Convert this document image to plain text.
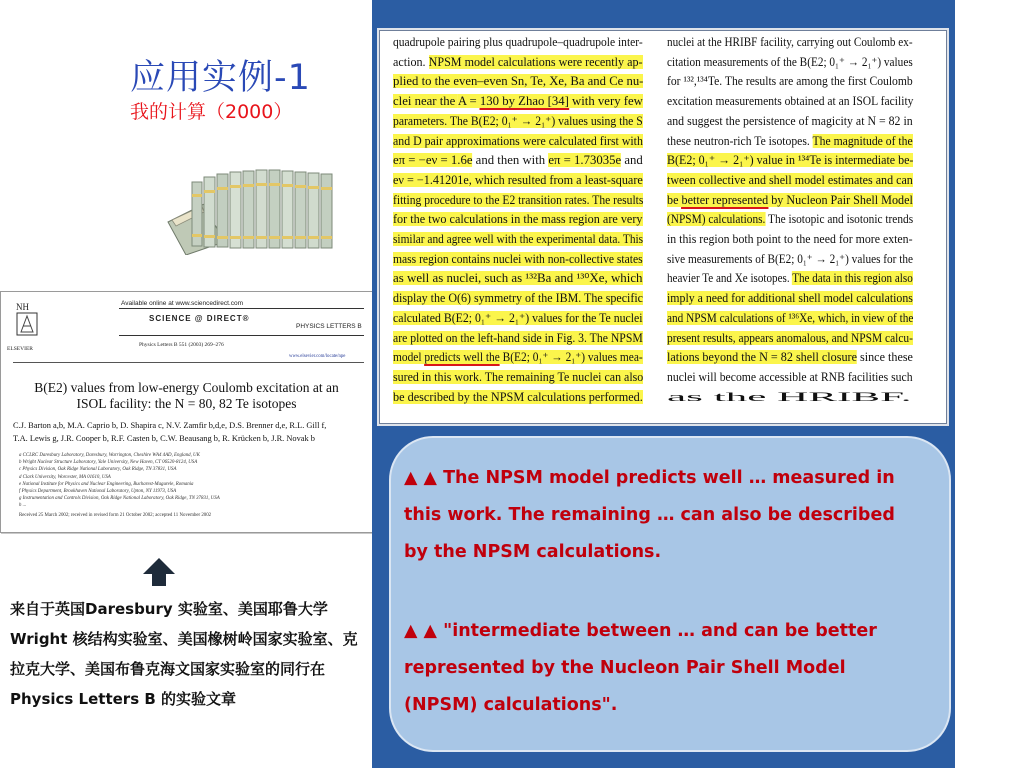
应用实例-1
我的计算（2000）
NH
ELSEVIER
Available online at www.sciencedirect.com
SCIENCE @ DIRECT®
PHYSICS LETTERS B
Physics Letters B 551 (2003) 269–276
www.elsevier.com/locate/npe
B(E2) values from low-energy Coulomb excitation at an ISOL facility: the N = 80, 82 Te isotopes
C.J. Barton a,b, M.A. Caprio b, D. Shapira c, N.V. Zamfir b,d,e, D.S. Brenner d,e, R.L. Gill f,
T.A. Lewis g, J.R. Cooper b, R.F. Casten b, C.W. Beausang b, R. Krücken b, J.R. Novak b
a CCLRC Daresbury Laboratory, Daresbury, Warrington, Cheshire WA4 4AD, England, UK
b Wright Nuclear Structure Laboratory, Yale University, New Haven, CT 06520-8124, USA
c Physics Division, Oak Ridge National Laboratory, Oak Ridge, TN 37831, USA
d Clark University, Worcester, MA 01610, USA
e National Institute for Physics and Nuclear Engineering, Bucharest-Magurele, Romania
f Physics Department, Brookhaven National Laboratory, Upton, NY 11973, USA
g Instrumentation and Controls Division, Oak Ridge National Laboratory, Oak Ridge, TN 37831, USA
h ...
Received 25 March 2002; received in revised form 21 October 2002; accepted 11 November 2002
来自于英国Daresbury 实验室、美国耶鲁大学Wright 核结构实验室、美国橡树岭国家实验室、克拉克大学、美国布鲁克海文国家实验室的同行在Physics Letters B 的实验文章
quadrupole pairing plus quadrupole–quadrupole inter-
action. NPSM model calculations were recently ap-
plied to the even–even Sn, Te, Xe, Ba and Ce nu-
clei near the A = 130 by Zhao [34] with very few
parameters. The B(E2; 0₁⁺ → 2₁⁺) values using the S
and D pair approximations were calculated first with
eπ = −eν = 1.6e and then with eπ = 1.73035e and
eν = −1.41201e, which resulted from a least-square
fitting procedure to the E2 transition rates. The results
for the two calculations in the mass region are very
similar and agree well with the experimental data. This
mass region contains nuclei with non-collective states
as well as nuclei, such as ¹³²Ba and ¹³⁰Xe, which
display the O(6) symmetry of the IBM. The specific
calculated B(E2; 0₁⁺ → 2₁⁺) values for the Te nuclei
are plotted on the left-hand side in Fig. 3. The NPSM
model predicts well the B(E2; 0₁⁺ → 2₁⁺) values mea-
sured in this work. The remaining Te nuclei can also
be described by the NPSM calculations performed.
nuclei at the HRIBF facility, carrying out Coulomb ex-
citation measurements of the B(E2; 0₁⁺ → 2₁⁺) values
for ¹³²,¹³⁴Te. The results are among the first Coulomb
excitation measurements obtained at an ISOL facility
and suggest the persistence of magicity at N = 82 in
these neutron-rich Te isotopes. The magnitude of the
B(E2; 0₁⁺ → 2₁⁺) value in ¹³⁴Te is intermediate be-
tween collective and shell model estimates and can
be better represented by Nucleon Pair Shell Model
(NPSM) calculations. The isotopic and isotonic trends
in this region both point to the need for more exten-
sive measurements of B(E2; 0₁⁺ → 2₁⁺) values for the
heavier Te and Xe isotopes. The data in this region also
imply a need for additional shell model calculations
and NPSM calculations of ¹³⁶Xe, which, in view of the
present results, appears anomalous, and NPSM calcu-
lations beyond the N = 82 shell closure since these
nuclei will become accessible at RNB facilities such
as the HRIBF.
▲ ▲ The NPSM model predicts well … measured in this work. The remaining … can also be described by the NPSM calculations.
▲ ▲ "intermediate between … and can be better represented by the Nucleon Pair Shell Model (NPSM) calculations".
